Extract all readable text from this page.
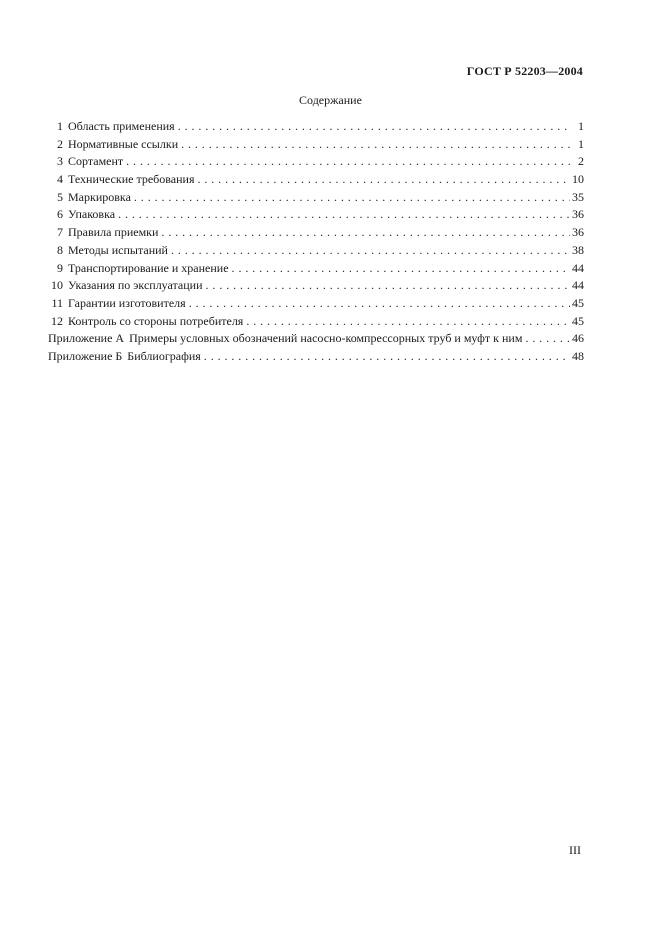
ГОСТ Р 52203—2004
Содержание
1 Область применения . . .	1
2 Нормативные ссылки . . .	1
3 Сортамент . . .	2
4 Технические требования . . .	10
5 Маркировка . . .	35
6 Упаковка . . .	36
7 Правила приемки . . .	36
8 Методы испытаний . . .	38
9 Транспортирование и хранение . . .	44
10 Указания по эксплуатации . . .	44
11 Гарантии изготовителя . . .	45
12 Контроль со стороны потребителя . . .	45
Приложение А Примеры условных обозначений насосно-компрессорных труб и муфт к ним . . .	46
Приложение Б Библиография . . .	48
III
